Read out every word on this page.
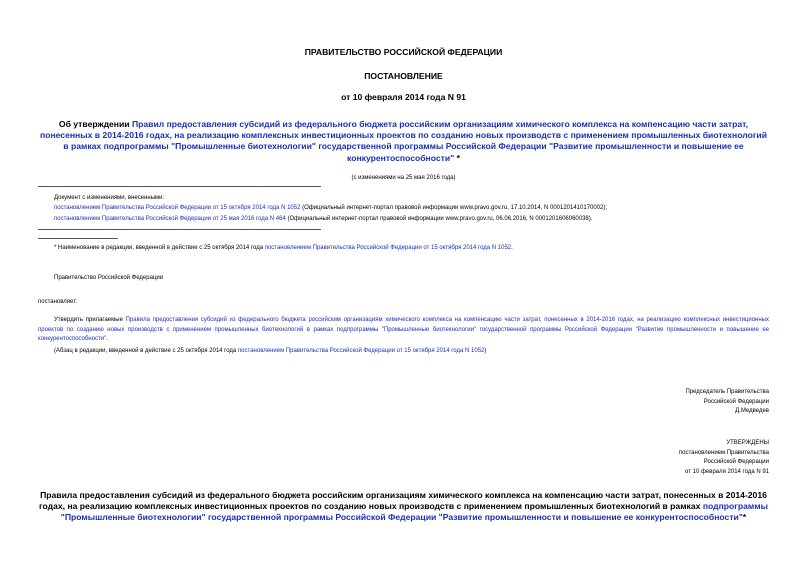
ПРАВИТЕЛЬСТВО РОССИЙСКОЙ ФЕДЕРАЦИИ
ПОСТАНОВЛЕНИЕ
от 10 февраля 2014 года N 91
Об утверждении Правил предоставления субсидий из федерального бюджета российским организациям химического комплекса на компенсацию части затрат, понесенных в 2014-2016 годах, на реализацию комплексных инвестиционных проектов по созданию новых производств с применением промышленных биотехнологий в рамках подпрограммы "Промышленные биотехнологии" государственной программы Российской Федерации "Развитие промышленности и повышение ее конкурентоспособности" *
(с изменениями на 25 мая 2016 года)
Документ с изменениями, внесенными:
постановлением Правительства Российской Федерации от 15 октября 2014 года N 1052 (Официальный интернет-портал правовой информации www.pravo.gov.ru, 17.10.2014, N 0001201410170002);
постановлением Правительства Российской Федерации от 25 мая 2016 года N 464 (Официальный интернет-портал правовой информации www.pravo.gov.ru, 06.06.2016, N 0001201606060038).
* Наименование в редакции, введенной в действие с 25 октября 2014 года постановлением Правительства Российской Федерации от 15 октября 2014 года N 1052.
Правительство Российской Федерации
постановляет:
Утвердить прилагаемые Правила предоставления субсидий из федерального бюджета российским организациям химического комплекса на компенсацию части затрат, понесенных в 2014-2016 годах, на реализацию комплексных инвестиционных проектов по созданию новых производств с применением промышленных биотехнологий в рамках подпрограммы "Промышленные биотехнологии" государственной программы Российской Федерации "Развитие промышленности и повышение ее конкурентоспособности".
(Абзац в редакции, введенной в действие с 25 октября 2014 года постановлением Правительства Российской Федерации от 15 октября 2014 года N 1052)
Председатель Правительства
Российской Федерации
Д.Медведев
УТВЕРЖДЕНЫ
постановлением Правительства
Российской Федерации
от 10 февраля 2014 года N 91
Правила предоставления субсидий из федерального бюджета российским организациям химического комплекса на компенсацию части затрат, понесенных в 2014-2016 годах, на реализацию комплексных инвестиционных проектов по созданию новых производств с применением промышленных биотехнологий в рамках подпрограммы "Промышленные биотехнологии" государственной программы Российской Федерации "Развитие промышленности и повышение ее конкурентоспособности"*
